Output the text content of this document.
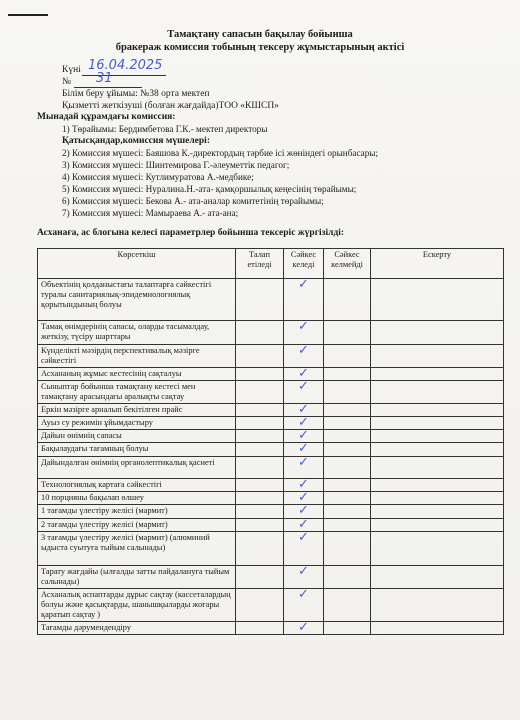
Тамақтану сапасын бақылау бойынша
бракераж комиссия тобының тексеру жұмыстарының актісі
Күні 16.04.2025
№ 31
Білім беру ұйымы: №38 орта мектеп
Қызметті жеткізуші (болған жағдайда)ТОО «КШСП»
Мынадай құрамдағы комиссия:
1) Төрайымы: Бердимбетова Г.К.- мектеп директоры
Қатысқандар,комиссия мүшелері:
2) Комиссия мүшесі: Баяшова К.-директордың тәрбие ісі жөніндегі орынбасары;
3) Комиссия мүшесі: Шинтемирова Г.-әлеуметтік педагог;
4) Комиссия мүшесі: Кутлимуратова А.-медбике;
5) Комиссия мүшесі: Нуралина.Н.-ата- қамқоршылық кеңесінің төрайымы;
6) Комиссия мүшесі: Бекова А.- ата-аналар комитетінің төрайымы;
7) Комиссия мүшесі: Мамыраева А.- ата-ана;
Асханаға, ас блогына келесі параметрлер бойынша тексеріс жүргізілді:
Көрсеткіш	Талап етіледі	Сәйкес келеді	Сәйкес келмейді	Ескерту
Объектінің қолданыстағы талаптарға сәйкестігі туралы санитариялық-эпидемиологиялық қорытындының болуы		✓		

Тамақ өнімдерінің сапасы, оларды тасымалдау, жеткізу, түсіру шарттары		✓		

Күнделікті мәзірдің перспективалық мәзірге сәйкестігі		✓		

Асхананың жұмыс кестесінің сақталуы		✓		

Сыныптар бойынша тамақтану кестесі мен тамақтану арасындағы аралықты сақтау		✓		

Еркін мәзірге арналып бекітілген прайс		✓		

Ауыз су режимін ұйымдастыру		✓		

Дайын өнімнің сапасы		✓		

Бақылаудағы тағамның болуы		✓		

Дайындалған өнімнің органолептикалық қасиеті		✓		

Технологиялық картаға сәйкестігі		✓		

10 порцияны бақылап өлшеу		✓		

1 тағамды үлестіру желісі (мармит)		✓		

2 тағамды үлестіру желісі (мармит)		✓		

3 тағамды үлестіру желісі (мармит) (алюминий ыдыста суытуға тыйым салынады)		✓		

Тарату жағдайы (ылғалды затты пайдалануға тыйым салынады)		✓		

Асханалық аспаптарды дұрыс сақтау (кассеталардың болуы және қасықтарды, шанышқыларды жоғары қаратып сақтау )		✓		

Тағамды дәрумендендіру		✓		
